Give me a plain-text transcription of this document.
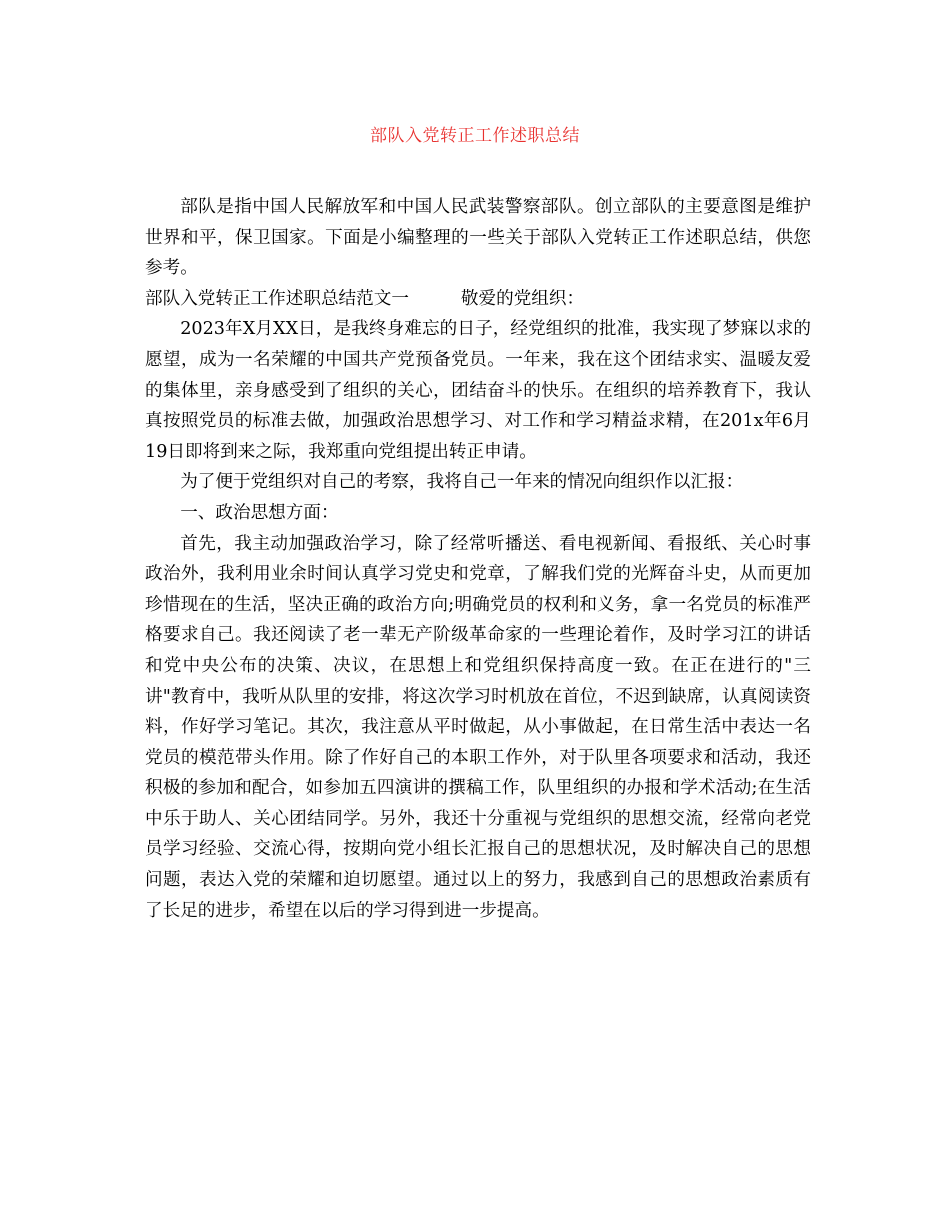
部队入党转正工作述职总结

部队是指中国人民解放军和中国人民武装警察部队。创立部队的主要意图是维护世界和平，保卫国家。下面是小编整理的一些关于部队入党转正工作述职总结，供您参考。

部队入党转正工作述职总结范文一	敬爱的党组织：

2023年X月XX日，是我终身难忘的日子，经党组织的批准，我实现了梦寐以求的愿望，成为一名荣耀的中国共产党预备党员。一年来，我在这个团结求实、温暖友爱的集体里，亲身感受到了组织的关心，团结奋斗的快乐。在组织的培养教育下，我认真按照党员的标准去做，加强政治思想学习、对工作和学习精益求精，在201x年6月19日即将到来之际，我郑重向党组提出转正申请。

为了便于党组织对自己的考察，我将自己一年来的情况向组织作以汇报：

一、政治思想方面：

首先，我主动加强政治学习，除了经常听播送、看电视新闻、看报纸、关心时事政治外，我利用业余时间认真学习党史和党章，了解我们党的光辉奋斗史，从而更加珍惜现在的生活，坚决正确的政治方向;明确党员的权利和义务，拿一名党员的标准严格要求自己。我还阅读了老一辈无产阶级革命家的一些理论着作，及时学习江的讲话和党中央公布的决策、决议，在思想上和党组织保持高度一致。在正在进行的"三讲"教育中，我听从队里的安排，将这次学习时机放在首位，不迟到缺席，认真阅读资料，作好学习笔记。其次，我注意从平时做起，从小事做起，在日常生活中表达一名党员的模范带头作用。除了作好自己的本职工作外，对于队里各项要求和活动，我还积极的参加和配合，如参加五四演讲的撰稿工作，队里组织的办报和学术活动;在生活中乐于助人、关心团结同学。另外，我还十分重视与党组织的思想交流，经常向老党员学习经验、交流心得，按期向党小组长汇报自己的思想状况，及时解决自己的思想问题，表达入党的荣耀和迫切愿望。通过以上的努力，我感到自己的思想政治素质有了长足的进步，希望在以后的学习得到进一步提高。
